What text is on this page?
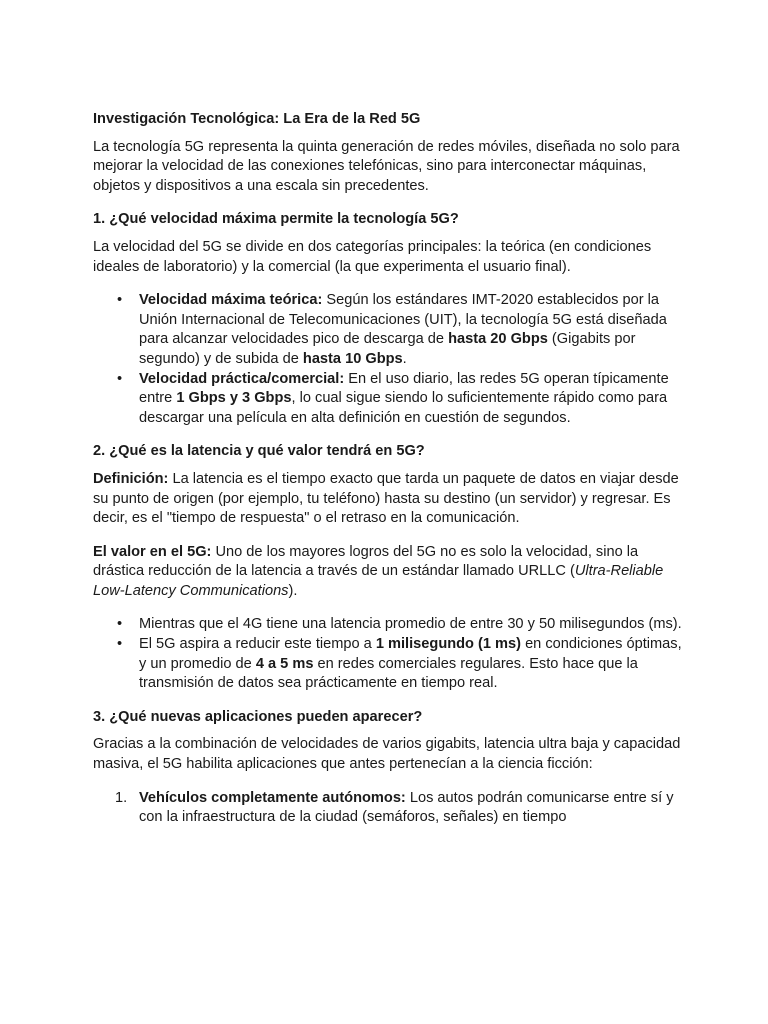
Investigación Tecnológica: La Era de la Red 5G

La tecnología 5G representa la quinta generación de redes móviles, diseñada no solo para mejorar la velocidad de las conexiones telefónicas, sino para interconectar máquinas, objetos y dispositivos a una escala sin precedentes.

1. ¿Qué velocidad máxima permite la tecnología 5G?

La velocidad del 5G se divide en dos categorías principales: la teórica (en condiciones ideales de laboratorio) y la comercial (la que experimenta el usuario final).

• Velocidad máxima teórica: Según los estándares IMT-2020 establecidos por la Unión Internacional de Telecomunicaciones (UIT), la tecnología 5G está diseñada para alcanzar velocidades pico de descarga de hasta 20 Gbps (Gigabits por segundo) y de subida de hasta 10 Gbps.
• Velocidad práctica/comercial: En el uso diario, las redes 5G operan típicamente entre 1 Gbps y 3 Gbps, lo cual sigue siendo lo suficientemente rápido como para descargar una película en alta definición en cuestión de segundos.

2. ¿Qué es la latencia y qué valor tendrá en 5G?

Definición: La latencia es el tiempo exacto que tarda un paquete de datos en viajar desde su punto de origen (por ejemplo, tu teléfono) hasta su destino (un servidor) y regresar. Es decir, es el "tiempo de respuesta" o el retraso en la comunicación.

El valor en el 5G: Uno de los mayores logros del 5G no es solo la velocidad, sino la drástica reducción de la latencia a través de un estándar llamado URLLC (Ultra-Reliable Low-Latency Communications).

• Mientras que el 4G tiene una latencia promedio de entre 30 y 50 milisegundos (ms).
• El 5G aspira a reducir este tiempo a 1 milisegundo (1 ms) en condiciones óptimas, y un promedio de 4 a 5 ms en redes comerciales regulares. Esto hace que la transmisión de datos sea prácticamente en tiempo real.

3. ¿Qué nuevas aplicaciones pueden aparecer?

Gracias a la combinación de velocidades de varios gigabits, latencia ultra baja y capacidad masiva, el 5G habilita aplicaciones que antes pertenecían a la ciencia ficción:

1. Vehículos completamente autónomos: Los autos podrán comunicarse entre sí y con la infraestructura de la ciudad (semáforos, señales) en tiempo
